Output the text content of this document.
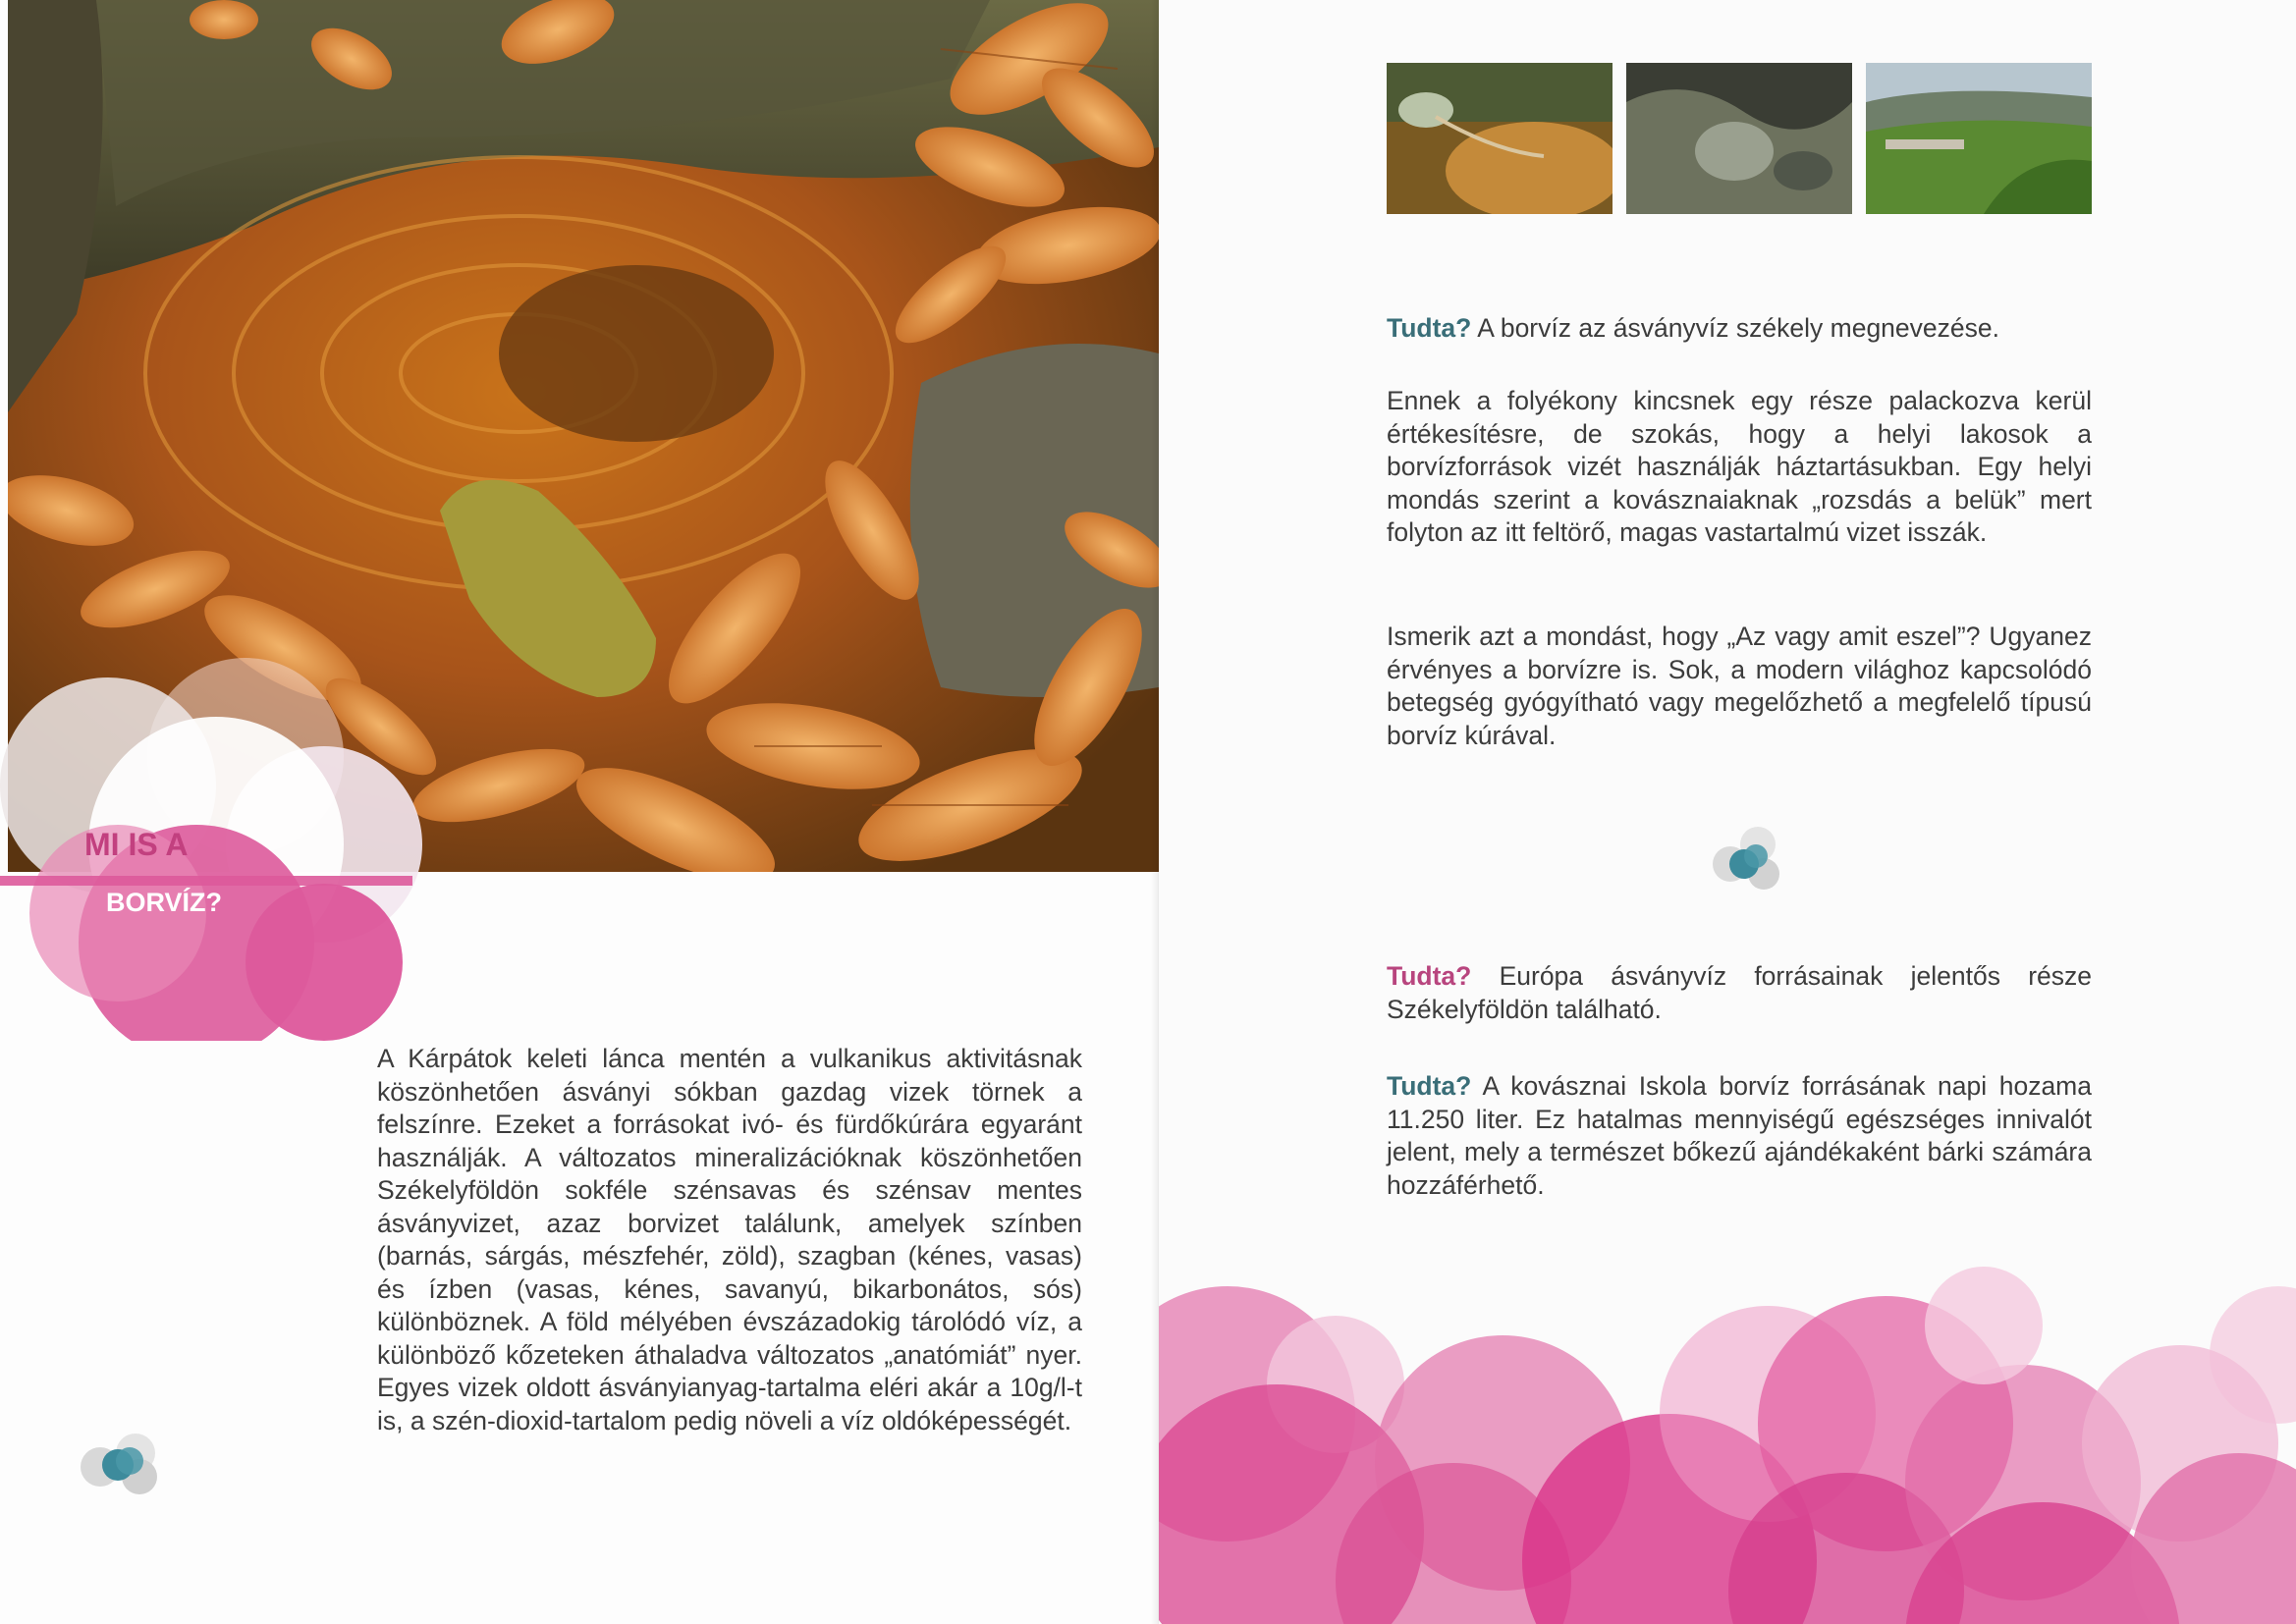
MI IS A
BORVÍZ?

A Kárpátok keleti lánca mentén a vulkanikus aktivitásnak köszönhetően ásványi sókban gazdag vizek törnek a felszínre. Ezeket a forrásokat ivó- és fürdőkúrára egyaránt használják. A változatos mineralizációknak köszönhetően Székelyföldön sokféle szénsavas és szénsav mentes ásványvizet, azaz borvizet találunk, amelyek színben (barnás, sárgás, mészfehér, zöld), szagban (kénes, vasas) és ízben (vasas, kénes, savanyú, bikarbonátos, sós) különböznek. A föld mélyében évszázadokig tárolódó víz, a különböző kőzeteken áthaladva változatos „anatómiát” nyer. Egyes vizek oldott ásványianyag-tartalma eléri akár a 10g/l-t is, a szén-dioxid-tartalom pedig növeli a víz oldóképességét.

Tudta? A borvíz az ásványvíz székely megnevezése.

Ennek a folyékony kincsnek egy része palackozva kerül értékesítésre, de szokás, hogy a helyi lakosok a borvízforrások vizét használják háztartásukban. Egy helyi mondás szerint a kovásznaiaknak „rozsdás a belük” mert folyton az itt feltörő, magas vastartalmú vizet isszák.

Ismerik azt a mondást, hogy „Az vagy amit eszel”? Ugyanez érvényes a borvízre is. Sok, a modern világhoz kapcsolódó betegség gyógyítható vagy megelőzhető a megfelelő típusú borvíz kúrával.

Tudta? Európa ásványvíz forrásainak jelentős része Székelyföldön található.

Tudta? A kovásznai Iskola borvíz forrásának napi hozama 11.250 liter. Ez hatalmas mennyiségű egészséges innivalót jelent, mely a természet bőkezű ajándékaként bárki számára hozzáférhető.
